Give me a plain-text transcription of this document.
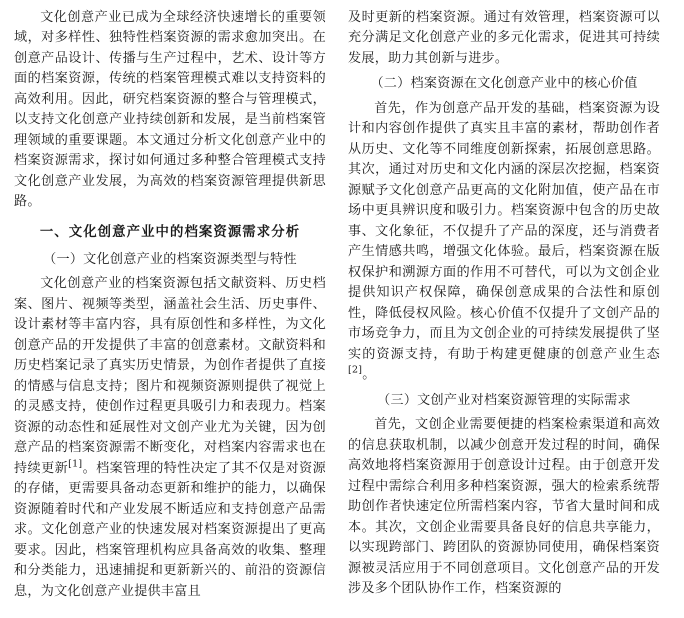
文化创意产业已成为全球经济快速增长的重要领域，对多样性、独特性档案资源的需求愈加突出。在创意产品设计、传播与生产过程中，艺术、设计等方面的档案资源，传统的档案管理模式难以支持资料的高效利用。因此，研究档案资源的整合与管理模式，以支持文化创意产业持续创新和发展，是当前档案管理领域的重要课题。本文通过分析文化创意产业中的档案资源需求，探讨如何通过多种整合管理模式支持文化创意产业发展，为高效的档案资源管理提供新思路。

一、文化创意产业中的档案资源需求分析
（一）文化创意产业的档案资源类型与特性

文化创意产业的档案资源包括文献资料、历史档案、图片、视频等类型，涵盖社会生活、历史事件、设计素材等丰富内容，具有原创性和多样性，为文化创意产品的开发提供了丰富的创意素材。文献资料和历史档案记录了真实历史情景，为创作者提供了直接的情感与信息支持；图片和视频资源则提供了视觉上的灵感支持，使创作过程更具吸引力和表现力。档案资源的动态性和延展性对文创产业尤为关键，因为创意产品的档案资源需不断变化，对档案内容需求也在持续更新[1]。档案管理的特性决定了其不仅是对资源的存储，更需要具备动态更新和维护的能力，以确保资源随着时代和产业发展不断适应和支持创意产品需求。文化创意产业的快速发展对档案资源提出了更高要求。因此，档案管理机构应具备高效的收集、整理和分类能力，迅速捕捉和更新新兴的、前沿的资源信息，为文化创意产业提供丰富且

及时更新的档案资源。通过有效管理，档案资源可以充分满足文化创意产业的多元化需求，促进其可持续发展，助力其创新与进步。

（二）档案资源在文化创意产业中的核心价值

首先，作为创意产品开发的基础，档案资源为设计和内容创作提供了真实且丰富的素材，帮助创作者从历史、文化等不同维度创新探索，拓展创意思路。其次，通过对历史和文化内涵的深层次挖掘，档案资源赋予文化创意产品更高的文化附加值，使产品在市场中更具辨识度和吸引力。档案资源中包含的历史故事、文化象征，不仅提升了产品的深度，还与消费者产生情感共鸣，增强文化体验。最后，档案资源在版权保护和溯源方面的作用不可替代，可以为文创企业提供知识产权保障，确保创意成果的合法性和原创性，降低侵权风险。核心价值不仅提升了文创产品的市场竞争力，而且为文创企业的可持续发展提供了坚实的资源支持，有助于构建更健康的创意产业生态[2]。

（三）文创产业对档案资源管理的实际需求

首先，文创企业需要便捷的档案检索渠道和高效的信息获取机制，以减少创意开发过程的时间，确保高效地将档案资源用于创意设计过程。由于创意开发过程中需综合利用多种档案资源，强大的检索系统帮助创作者快速定位所需档案内容，节省大量时间和成本。其次，文创企业需要具备良好的信息共享能力，以实现跨部门、跨团队的资源协同使用，确保档案资源被灵活应用于不同创意项目。文化创意产品的开发涉及多个团队协作工作，档案资源的
